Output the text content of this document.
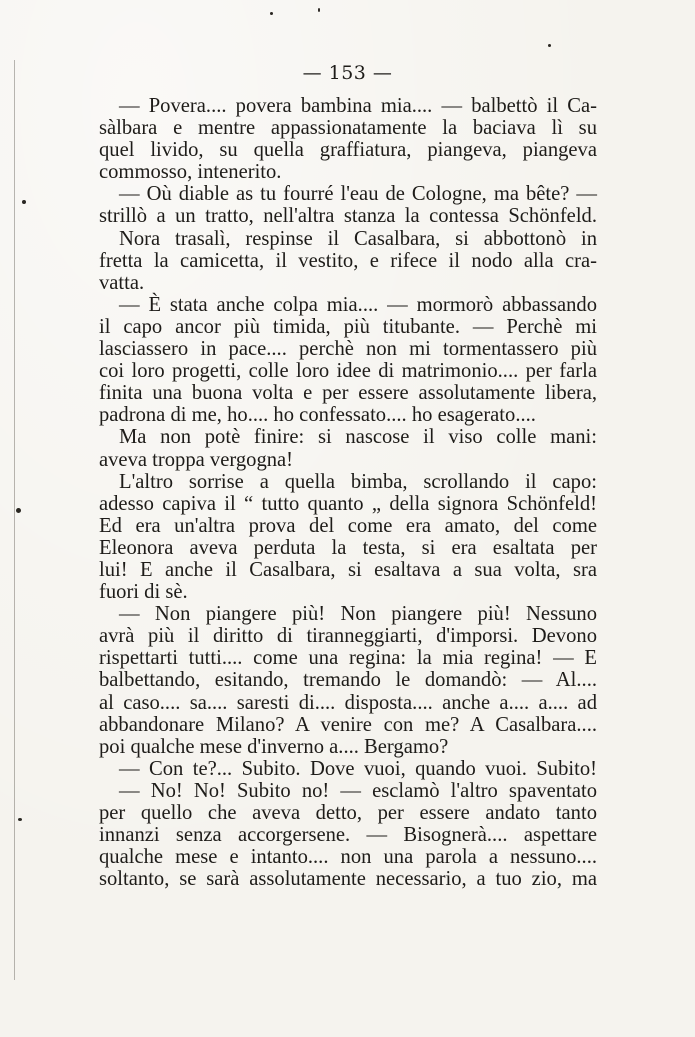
— 153 —
— Povera.... povera bambina mia.... — balbettò il Ca-
sàlbara e mentre appassionatamente la baciava lì su
quel livido, su quella graffiatura, piangeva, piangeva
commosso, intenerito.
— Où diable as tu fourré l'eau de Cologne, ma bête? —
strillò a un tratto, nell'altra stanza la contessa Schönfeld.
Nora trasalì, respinse il Casalbara, si abbottonò in
fretta la camicetta, il vestito, e rifece il nodo alla cra-
vatta.
— È stata anche colpa mia.... — mormorò abbassando
il capo ancor più timida, più titubante. — Perchè mi
lasciassero in pace.... perchè non mi tormentassero più
coi loro progetti, colle loro idee di matrimonio.... per farla
finita una buona volta e per essere assolutamente libera,
padrona di me, ho.... ho confessato.... ho esagerato....
Ma non potè finire: si nascose il viso colle mani:
aveva troppa vergogna!
L'altro sorrise a quella bimba, scrollando il capo:
adesso capiva il “ tutto quanto „ della signora Schönfeld!
Ed era un'altra prova del come era amato, del come
Eleonora aveva perduta la testa, si era esaltata per
lui! E anche il Casalbara, si esaltava a sua volta, sra
fuori di sè.
— Non piangere più! Non piangere più! Nessuno
avrà più il diritto di tiranneggiarti, d'imporsi. Devono
rispettarti tutti.... come una regina: la mia regina! — E
balbettando, esitando, tremando le domandò: — Al....
al caso.... sa.... saresti di.... disposta.... anche a.... a.... ad
abbandonare Milano? A venire con me? A Casalbara....
poi qualche mese d'inverno a.... Bergamo?
— Con te?... Subito. Dove vuoi, quando vuoi. Subito!
— No! No! Subito no! — esclamò l'altro spaventato
per quello che aveva detto, per essere andato tanto
innanzi senza accorgersene. — Bisognerà.... aspettare
qualche mese e intanto.... non una parola a nessuno....
soltanto, se sarà assolutamente necessario, a tuo zio, ma
